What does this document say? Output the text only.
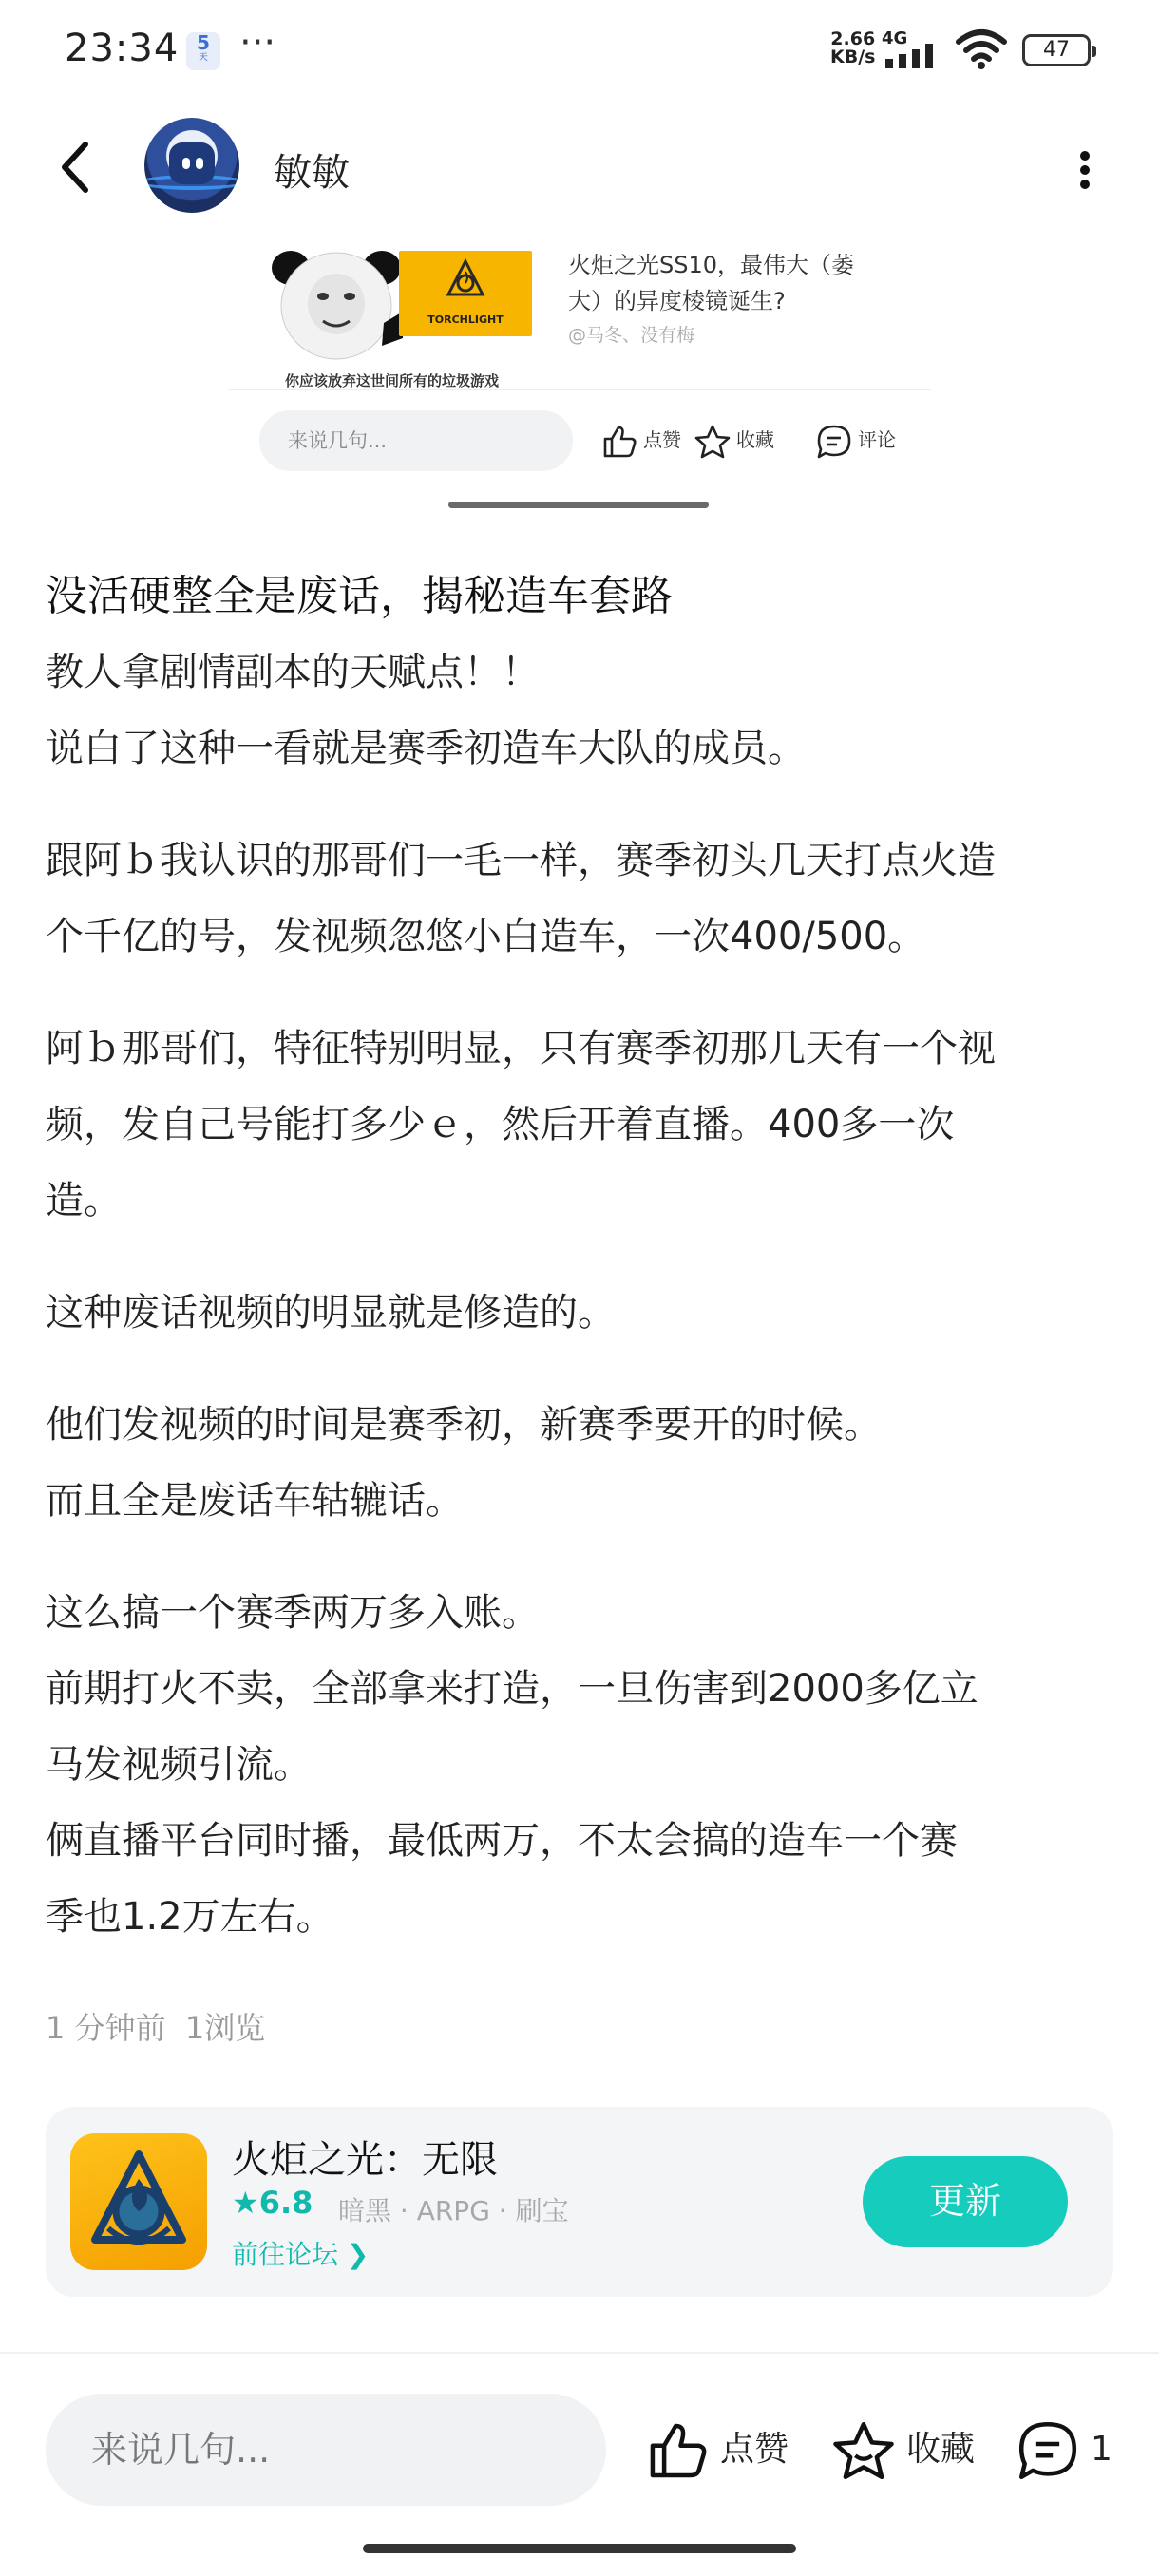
23:34 5
天 ···	2.66
KB/s
4G	47
敏敏
TORCHLIGHT
你应该放弃这世间所有的垃圾游戏
火炬之光SS10，最伟大（萎大）的异度棱镜诞生?
@马冬、没有梅
来说几句...	点赞	收藏	评论
没活硬整全是废话，揭秘造车套路
教人拿剧情副本的天赋点！！
说白了这种一看就是赛季初造车大队的成员。
跟阿ｂ我认识的那哥们一毛一样，赛季初头几天打点火造
个千亿的号，发视频忽悠小白造车，一次400/500。
阿ｂ那哥们，特征特别明显，只有赛季初那几天有一个视
频，发自己号能打多少ｅ，然后开着直播。400多一次
造。
这种废话视频的明显就是修造的。
他们发视频的时间是赛季初，新赛季要开的时候。
而且全是废话车轱辘话。
这么搞一个赛季两万多入账。
前期打火不卖，全部拿来打造，一旦伤害到2000多亿立
马发视频引流。
俩直播平台同时播，最低两万，不太会搞的造车一个赛
季也1.2万左右。
1 分钟前 1浏览
火炬之光：无限
★6.8 暗黑 · ARPG · 刷宝
前往论坛 ❯
更新
来说几句...	点赞	收藏	1
